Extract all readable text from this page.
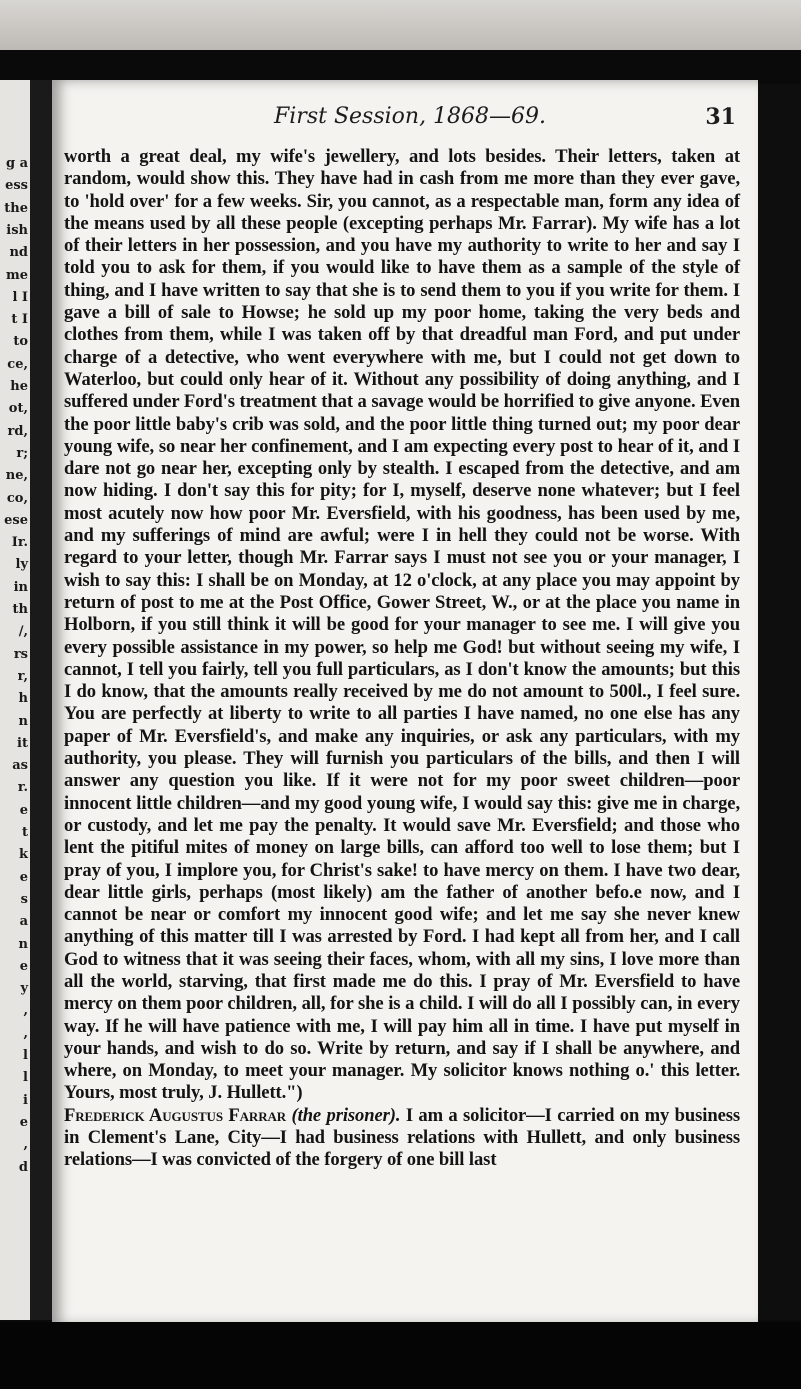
g a
ess
the
ish
nd
me
l I
t I
to
ce,
he
ot,
rd,
r;
ne,
co,
ese
Ir.
ly
in
th
/,
rs
r,
h
n
it
as
r.
e
t
k
e
s
a
n
e
y
,
,
l
l
i
e
,
d
First Session, 1868—69.	31

worth a great deal, my wife's jewellery, and lots besides. Their letters, taken at random, would show this. They have had in cash from me more than they ever gave, to 'hold over' for a few weeks. Sir, you cannot, as a respectable man, form any idea of the means used by all these people (excepting perhaps Mr. Farrar). My wife has a lot of their letters in her possession, and you have my authority to write to her and say I told you to ask for them, if you would like to have them as a sample of the style of thing, and I have written to say that she is to send them to you if you write for them. I gave a bill of sale to Howse; he sold up my poor home, taking the very beds and clothes from them, while I was taken off by that dreadful man Ford, and put under charge of a detective, who went everywhere with me, but I could not get down to Waterloo, but could only hear of it. Without any possibility of doing anything, and I suffered under Ford's treatment that a savage would be horrified to give anyone. Even the poor little baby's crib was sold, and the poor little thing turned out; my poor dear young wife, so near her confinement, and I am expecting every post to hear of it, and I dare not go near her, excepting only by stealth. I escaped from the detective, and am now hiding. I don't say this for pity; for I, myself, deserve none whatever; but I feel most acutely now how poor Mr. Eversfield, with his goodness, has been used by me, and my sufferings of mind are awful; were I in hell they could not be worse. With regard to your letter, though Mr. Farrar says I must not see you or your manager, I wish to say this: I shall be on Monday, at 12 o'clock, at any place you may appoint by return of post to me at the Post Office, Gower Street, W., or at the place you name in Holborn, if you still think it will be good for your manager to see me. I will give you every possible assistance in my power, so help me God! but without seeing my wife, I cannot, I tell you fairly, tell you full particulars, as I don't know the amounts; but this I do know, that the amounts really received by me do not amount to 500l., I feel sure. You are perfectly at liberty to write to all parties I have named, no one else has any paper of Mr. Eversfield's, and make any inquiries, or ask any particulars, with my authority, you please. They will furnish you particulars of the bills, and then I will answer any question you like. If it were not for my poor sweet children—poor innocent little children—and my good young wife, I would say this: give me in charge, or custody, and let me pay the penalty. It would save Mr. Eversfield; and those who lent the pitiful mites of money on large bills, can afford too well to lose them; but I pray of you, I implore you, for Christ's sake! to have mercy on them. I have two dear, dear little girls, perhaps (most likely) am the father of another befo.e now, and I cannot be near or comfort my innocent good wife; and let me say she never knew anything of this matter till I was arrested by Ford. I had kept all from her, and I call God to witness that it was seeing their faces, whom, with all my sins, I love more than all the world, starving, that first made me do this. I pray of Mr. Eversfield to have mercy on them poor children, all, for she is a child. I will do all I possibly can, in every way. If he will have patience with me, I will pay him all in time. I have put myself in your hands, and wish to do so. Write by return, and say if I shall be anywhere, and where, on Monday, to meet your manager. My solicitor knows nothing o.' this letter. Yours, most truly, J. Hullett.")

Frederick Augustus Farrar (the prisoner). I am a solicitor—I carried on my business in Clement's Lane, City—I had business relations with Hullett, and only business relations—I was convicted of the forgery of one bill last
